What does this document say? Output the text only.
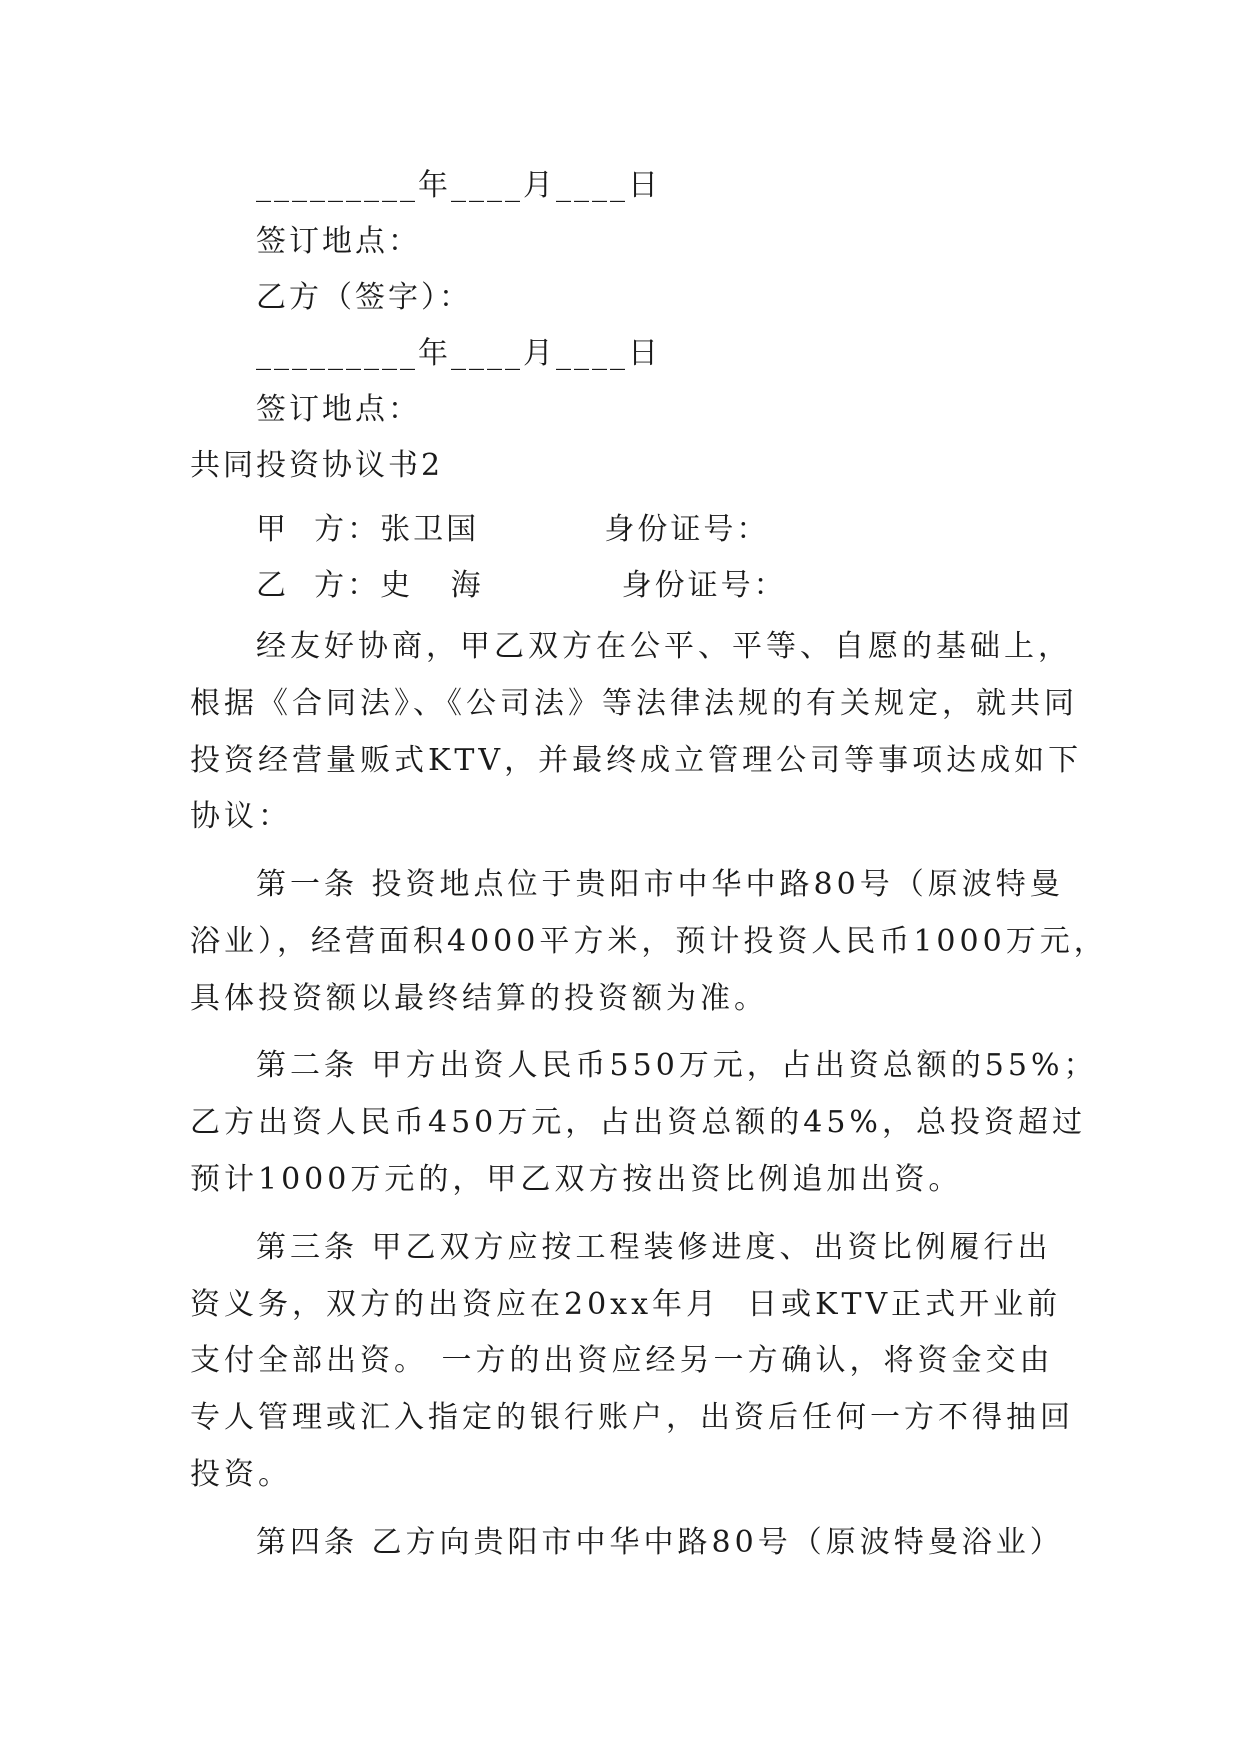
_________年____月____日
签订地点：
乙方（签字）：
_________年____月____日
签订地点：
共同投资协议书2
甲  方：张卫国          身份证号：
乙  方：史   海           身份证号：
经友好协商，甲乙双方在公平、平等、自愿的基础上，
根据《合同法》、《公司法》等法律法规的有关规定，就共同
投资经营量贩式KTV，并最终成立管理公司等事项达成如下
协议：
第一条 投资地点位于贵阳市中华中路80号（原波特曼
浴业），经营面积4000平方米，预计投资人民币1000万元，
具体投资额以最终结算的投资额为准。
第二条 甲方出资人民币550万元，占出资总额的55%；
乙方出资人民币450万元，占出资总额的45%，总投资超过
预计1000万元的，甲乙双方按出资比例追加出资。
第三条 甲乙双方应按工程装修进度、出资比例履行出
资义务，双方的出资应在20xx年月  日或KTV正式开业前
支付全部出资。 一方的出资应经另一方确认，将资金交由
专人管理或汇入指定的银行账户，出资后任何一方不得抽回
投资。
第四条 乙方向贵阳市中华中路80号（原波特曼浴业）
